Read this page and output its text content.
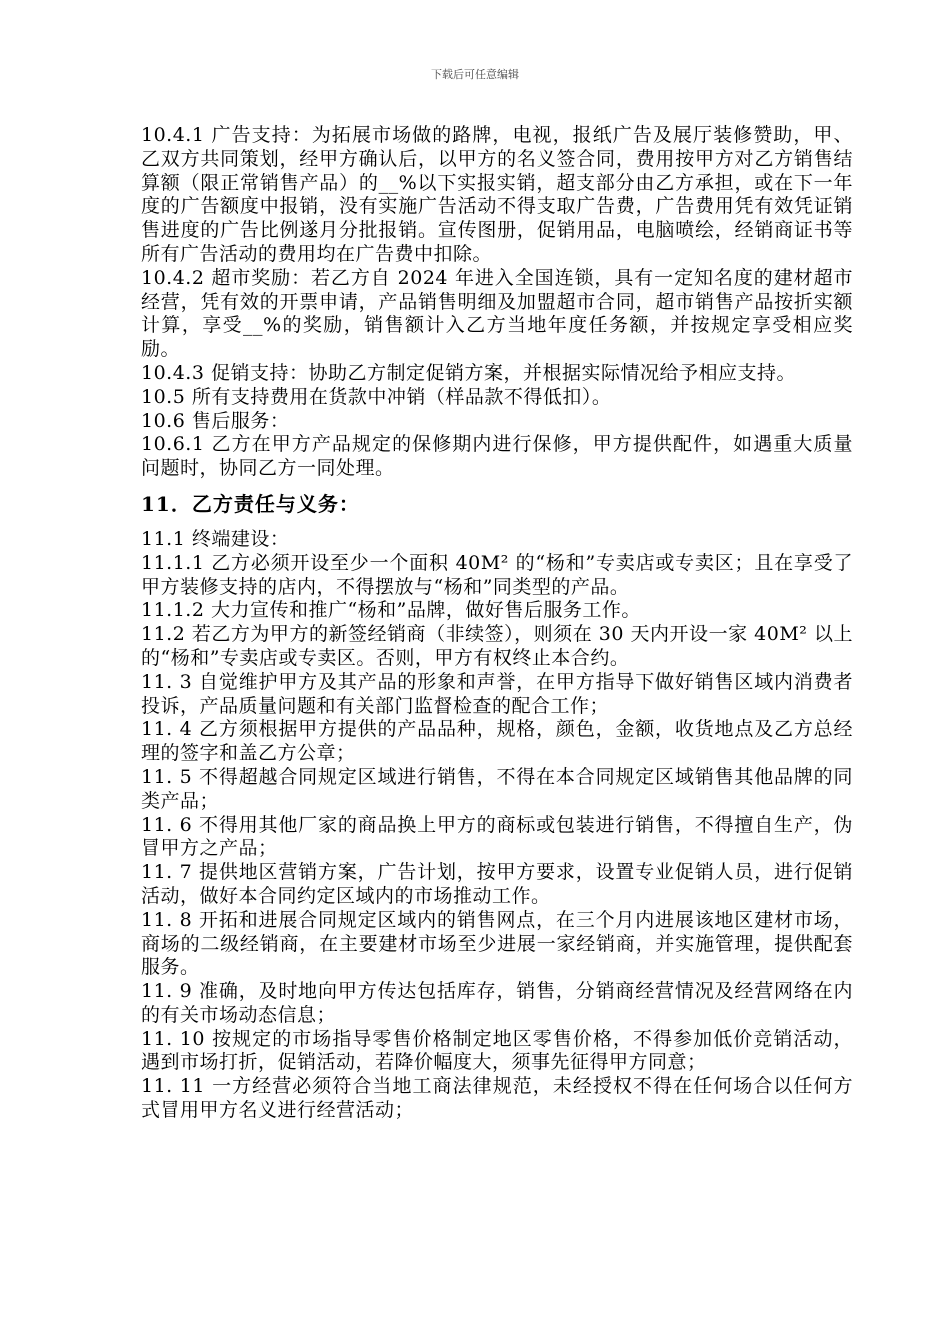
下载后可任意编辑

10.4.1 广告支持：为拓展市场做的路牌，电视，报纸广告及展厅装修赞助，甲、乙双方共同策划，经甲方确认后，以甲方的名义签合同，费用按甲方对乙方销售结算额（限正常销售产品）的__%以下实报实销，超支部分由乙方承担，或在下一年度的广告额度中报销，没有实施广告活动不得支取广告费，广告费用凭有效凭证销售进度的广告比例遂月分批报销。宣传图册，促销用品，电脑喷绘，经销商证书等所有广告活动的费用均在广告费中扣除。

10.4.2 超市奖励：若乙方自 2024 年进入全国连锁，具有一定知名度的建材超市经营，凭有效的开票申请，产品销售明细及加盟超市合同，超市销售产品按折实额计算，享受__%的奖励，销售额计入乙方当地年度任务额，并按规定享受相应奖励。

10.4.3 促销支持：协助乙方制定促销方案，并根据实际情况给予相应支持。

10.5 所有支持费用在货款中冲销（样品款不得低扣）。

10.6 售后服务：

10.6.1 乙方在甲方产品规定的保修期内进行保修，甲方提供配件，如遇重大质量问题时，协同乙方一同处理。

11．乙方责任与义务：

11.1 终端建设：

11.1.1 乙方必须开设至少一个面积 40M² 的“杨和”专卖店或专卖区；且在享受了甲方装修支持的店内，不得摆放与“杨和”同类型的产品。

11.1.2 大力宣传和推广“杨和”品牌，做好售后服务工作。

11.2 若乙方为甲方的新签经销商（非续签），则须在 30 天内开设一家 40M² 以上的“杨和”专卖店或专卖区。否则，甲方有权终止本合约。

11. 3 自觉维护甲方及其产品的形象和声誉，在甲方指导下做好销售区域内消费者投诉，产品质量问题和有关部门监督检查的配合工作；

11. 4 乙方须根据甲方提供的产品品种，规格，颜色，金额，收货地点及乙方总经理的签字和盖乙方公章；

11. 5 不得超越合同规定区域进行销售，不得在本合同规定区域销售其他品牌的同类产品；

11. 6 不得用其他厂家的商品换上甲方的商标或包装进行销售，不得擅自生产，伪冒甲方之产品；

11. 7 提供地区营销方案，广告计划，按甲方要求，设置专业促销人员，进行促销活动，做好本合同约定区域内的市场推动工作。

11. 8 开拓和进展合同规定区域内的销售网点，在三个月内进展该地区建材市场，商场的二级经销商，在主要建材市场至少进展一家经销商，并实施管理，提供配套服务。

11. 9 准确，及时地向甲方传达包括库存，销售，分销商经营情况及经营网络在内的有关市场动态信息；

11. 10 按规定的市场指导零售价格制定地区零售价格，不得参加低价竞销活动，遇到市场打折，促销活动，若降价幅度大，须事先征得甲方同意；

11. 11 一方经营必须符合当地工商法律规范，未经授权不得在任何场合以任何方式冒用甲方名义进行经营活动；
